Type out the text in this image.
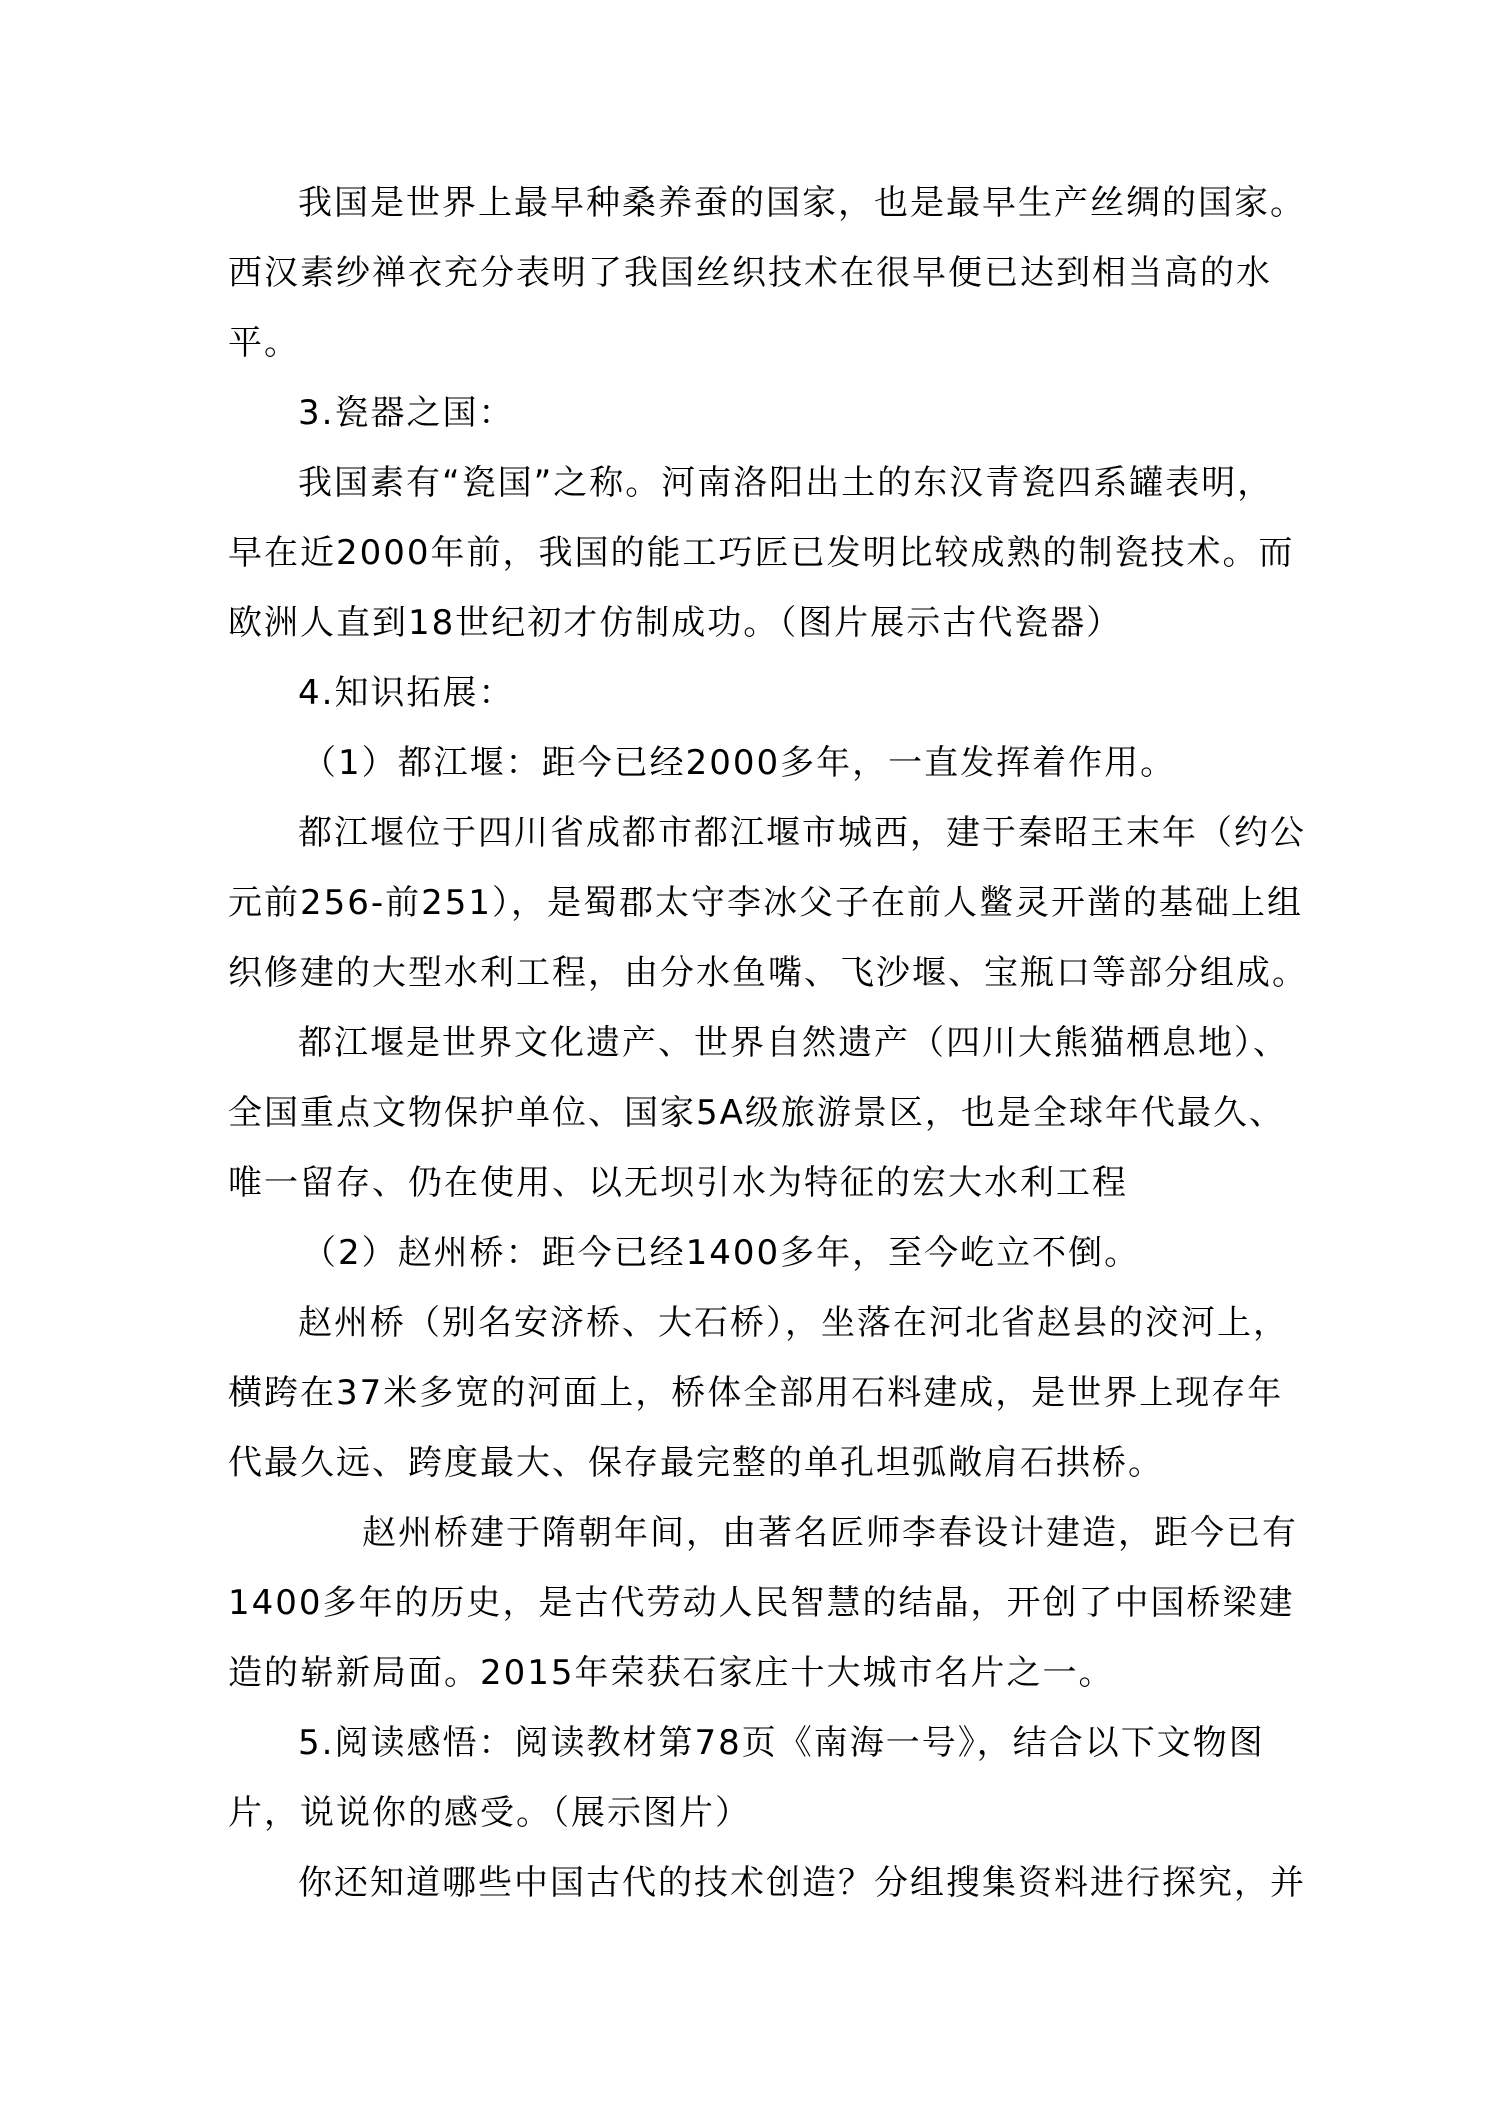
我国是世界上最早种桑养蚕的国家，也是最早生产丝绸的国家。
西汉素纱禅衣充分表明了我国丝织技术在很早便已达到相当高的水
平。
3.瓷器之国：
我国素有“瓷国”之称。河南洛阳出土的东汉青瓷四系罐表明，
早在近2000年前，我国的能工巧匠已发明比较成熟的制瓷技术。而
欧洲人直到18世纪初才仿制成功。（图片展示古代瓷器）
4.知识拓展：
（1）都江堰：距今已经2000多年，一直发挥着作用。
都江堰位于四川省成都市都江堰市城西，建于秦昭王末年（约公
元前256-前251），是蜀郡太守李冰父子在前人鳖灵开凿的基础上组
织修建的大型水利工程，由分水鱼嘴、飞沙堰、宝瓶口等部分组成。
都江堰是世界文化遗产、世界自然遗产（四川大熊猫栖息地）、
全国重点文物保护单位、国家5A级旅游景区，也是全球年代最久、
唯一留存、仍在使用、以无坝引水为特征的宏大水利工程
（2）赵州桥：距今已经1400多年，至今屹立不倒。
赵州桥（别名安济桥、大石桥），坐落在河北省赵县的洨河上，
横跨在37米多宽的河面上，桥体全部用石料建成，是世界上现存年
代最久远、跨度最大、保存最完整的单孔坦弧敞肩石拱桥。
赵州桥建于隋朝年间，由著名匠师李春设计建造，距今已有
1400多年的历史，是古代劳动人民智慧的结晶，开创了中国桥梁建
造的崭新局面。2015年荣获石家庄十大城市名片之一。
5.阅读感悟：阅读教材第78页《南海一号》，结合以下文物图
片，说说你的感受。（展示图片）
你还知道哪些中国古代的技术创造？分组搜集资料进行探究，并
